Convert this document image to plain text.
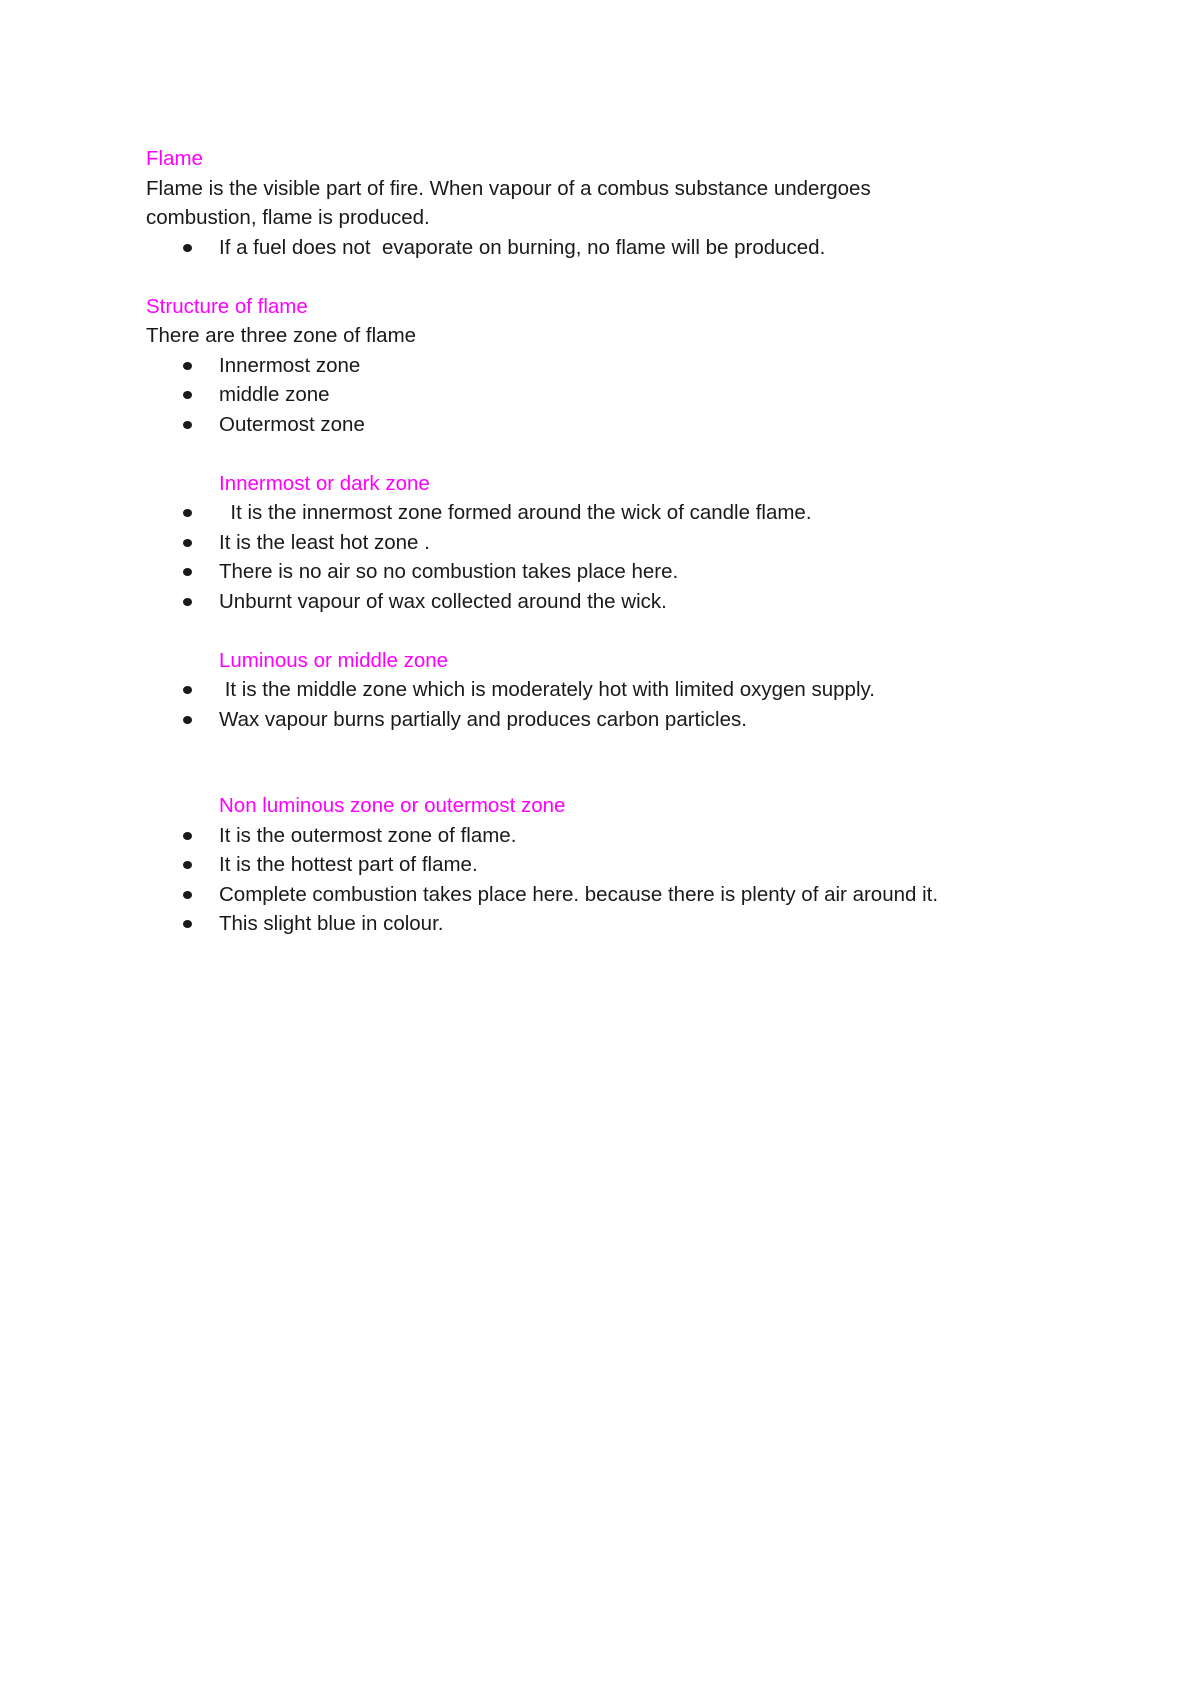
Flame

Flame is the visible part of fire. When vapour of a combus substance undergoes

combustion, flame is produced.

If a fuel does not  evaporate on burning, no flame will be produced.

Structure of flame

There are three zone of flame

Innermost zone
middle zone
Outermost zone

Innermost or dark zone

It is the innermost zone formed around the wick of candle flame.
It is the least hot zone .
There is no air so no combustion takes place here.
Unburnt vapour of wax collected around the wick.

Luminous or middle zone

It is the middle zone which is moderately hot with limited oxygen supply.
Wax vapour burns partially and produces carbon particles.

Non luminous zone or outermost zone

It is the outermost zone of flame.
It is the hottest part of flame.
Complete combustion takes place here. because there is plenty of air around it.
This slight blue in colour.
